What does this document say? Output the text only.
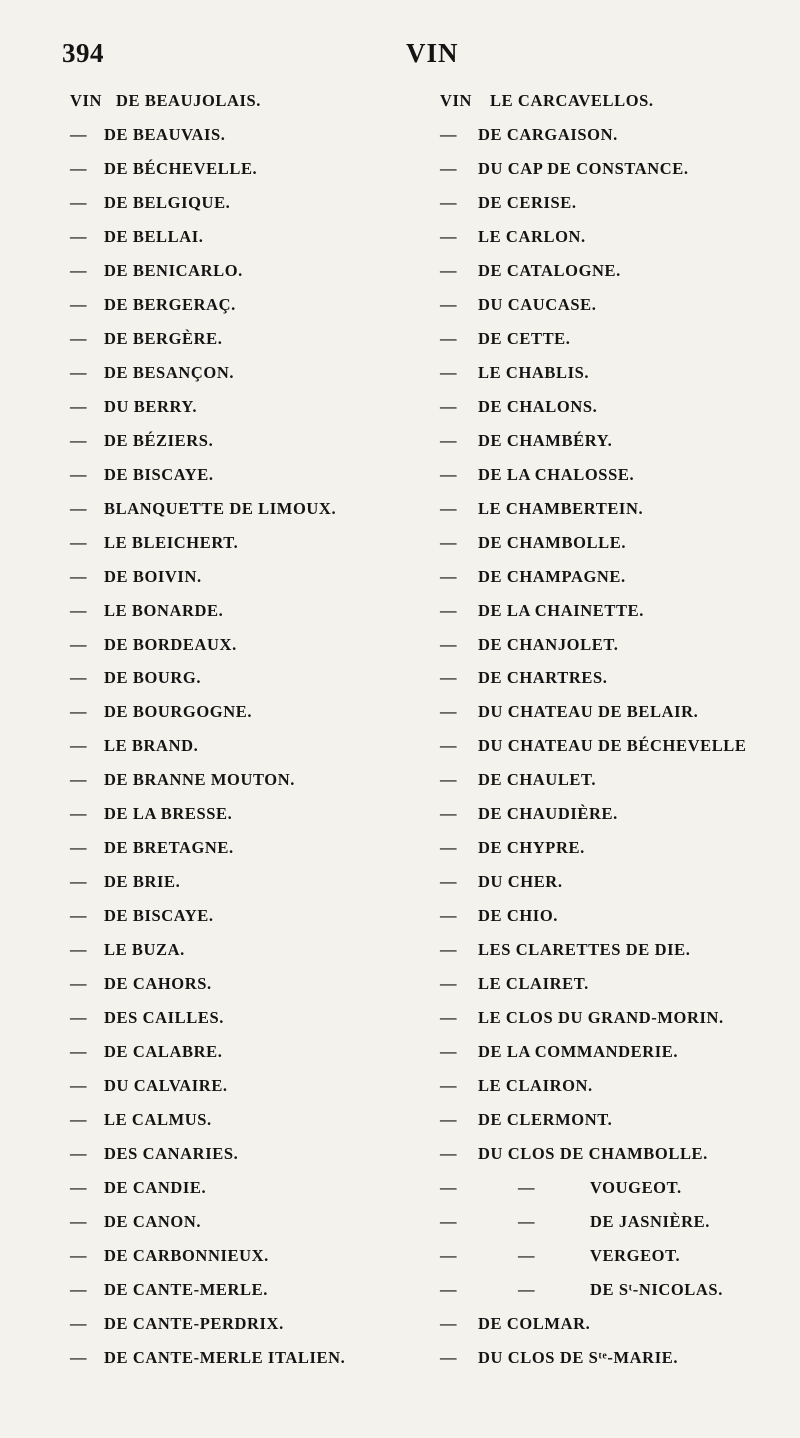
394	VIN
VIN DE BEAUJOLAIS.
— DE BEAUVAIS.
— DE BÉCHEVELLE.
— DE BELGIQUE.
— DE BELLAI.
— DE BENICARLO.
— DE BERGERAÇ.
— DE BERGÈRE.
— DE BESANÇON.
— DU BERRY.
— DE BÉZIERS.
— DE BISCAYE.
— BLANQUETTE DE LIMOUX.
— LE BLEICHERT.
— DE BOIVIN.
— LE BONARDE.
— DE BORDEAUX.
— DE BOURG.
— DE BOURGOGNE.
— LE BRAND.
— DE BRANNE MOUTON.
— DE LA BRESSE.
— DE BRETAGNE.
— DE BRIE.
— DE BISCAYE.
— LE BUZA.
— DE CAHORS.
— DES CAILLES.
— DE CALABRE.
— DU CALVAIRE.
— LE CALMUS.
— DES CANARIES.
— DE CANDIE.
— DE CANON.
— DE CARBONNIEUX.
— DE CANTE-MERLE.
— DE CANTE-PERDRIX.
— DE CANTE-MERLE ITALIEN.
VIN LE CARCAVELLOS.
— DE CARGAISON.
— DU CAP DE CONSTANCE.
— DE CERISE.
— LE CARLON.
— DE CATALOGNE.
— DU CAUCASE.
— DE CETTE.
— LE CHABLIS.
— DE CHALONS.
— DE CHAMBÉRY.
— DE LA CHALOSSE.
— LE CHAMBERTEIN.
— DE CHAMBOLLE.
— DE CHAMPAGNE.
— DE LA CHAINETTE.
— DE CHANJOLET.
— DE CHARTRES.
— DU CHATEAU DE BELAIR.
— DU CHATEAU DE BÉCHEVELLE
— DE CHAULET.
— DE CHAUDIÈRE.
— DE CHYPRE.
— DU CHER.
— DE CHIO.
— LES CLARETTES DE DIE.
— LE CLAIRET.
— LE CLOS DU GRAND-MORIN.
— DE LA COMMANDERIE.
— LE CLAIRON.
— DE CLERMONT.
— DU CLOS DE CHAMBOLLE.
—	—	VOUGEOT.
—	—	DE JASNIÈRE.
—	—	VERGEOT.
—	—	DE Sᵗ-NICOLAS.
— DE COLMAR.
— DU CLOS DE Sᵗᵉ-MARIE.
